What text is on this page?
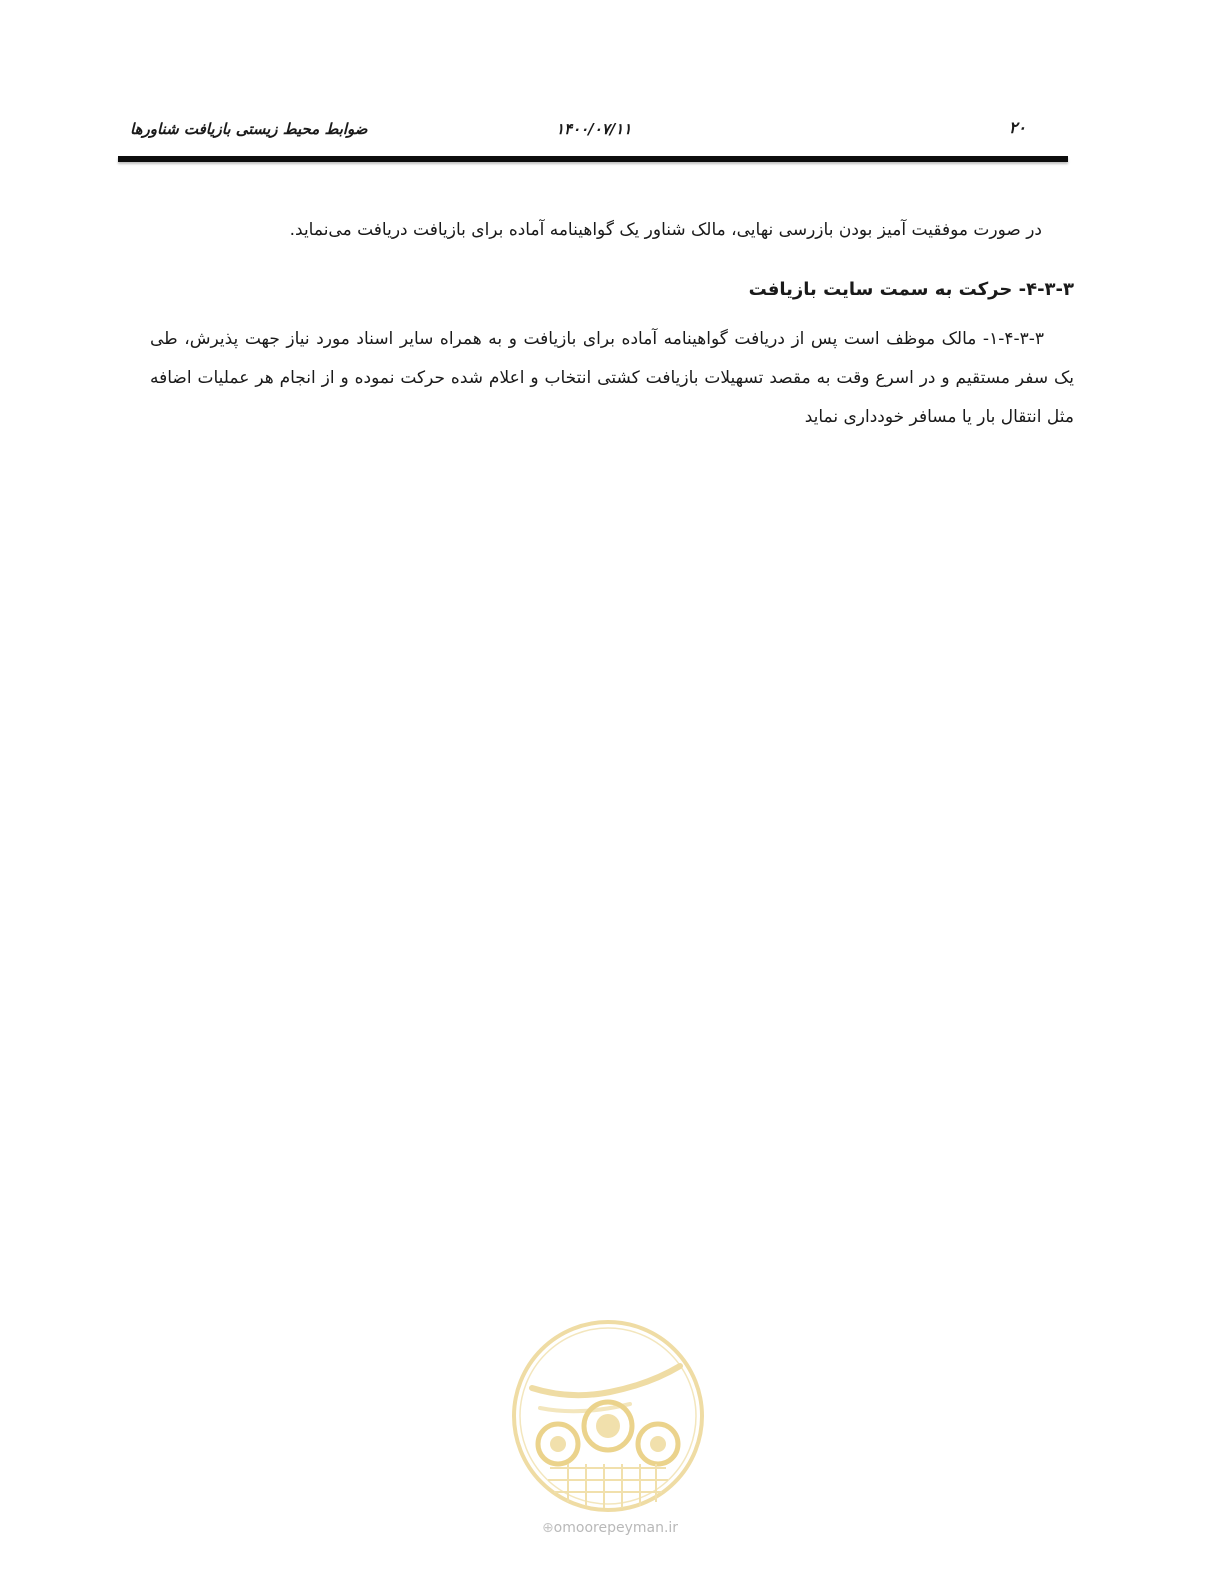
۲۰
۱۴۰۰/۰۷/۱۱
ضوابط محیط زیستی بازیافت شناورها

در صورت موفقیت آمیز بودن بازرسی نهایی، مالک شناور یک گواهینامه آماده برای بازیافت دریافت می‌نماید.

۴-۳-۳- حرکت به سمت سایت بازیافت

۱-۴-۳-۳- مالک موظف است پس از دریافت گواهینامه آماده برای بازیافت و به همراه سایر اسناد مورد نیاز جهت پذیرش، طی یک سفر مستقیم و در اسرع وقت به مقصد تسهیلات بازیافت کشتی انتخاب و اعلام شده حرکت نموده و از انجام هر عملیات اضافه مثل انتقال بار یا مسافر خودداری نماید

⊕omoorepeyman.ir
